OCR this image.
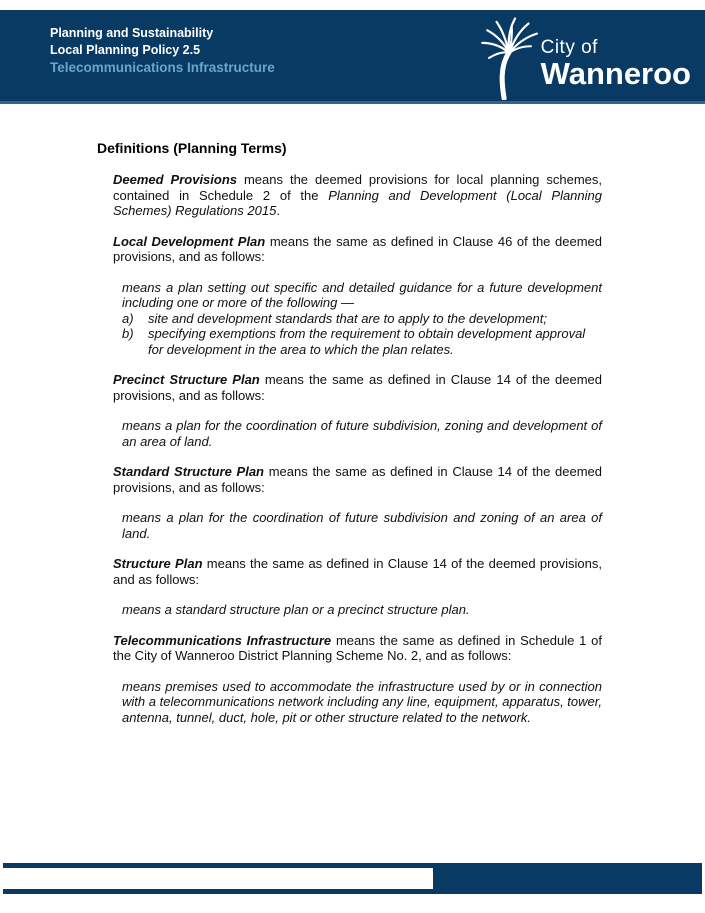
Planning and Sustainability
Local Planning Policy 2.5
Telecommunications Infrastructure
City of
Wanneroo
Definitions (Planning Terms)

Deemed Provisions means the deemed provisions for local planning schemes, contained in Schedule 2 of the Planning and Development (Local Planning Schemes) Regulations 2015.

Local Development Plan means the same as defined in Clause 46 of the deemed provisions, and as follows:

means a plan setting out specific and detailed guidance for a future development including one or more of the following —

a)	site and development standards that are to apply to the development;
b)	specifying exemptions from the requirement to obtain development approval for development in the area to which the plan relates.

Precinct Structure Plan means the same as defined in Clause 14 of the deemed provisions, and as follows:

means a plan for the coordination of future subdivision, zoning and development of an area of land.

Standard Structure Plan means the same as defined in Clause 14 of the deemed provisions, and as follows:

means a plan for the coordination of future subdivision and zoning of an area of land.

Structure Plan means the same as defined in Clause 14 of the deemed provisions, and as follows:

means a standard structure plan or a precinct structure plan.

Telecommunications Infrastructure means the same as defined in Schedule 1 of the City of Wanneroo District Planning Scheme No. 2, and as follows:

means premises used to accommodate the infrastructure used by or in connection with a telecommunications network including any line, equipment, apparatus, tower, antenna, tunnel, duct, hole, pit or other structure related to the network.
